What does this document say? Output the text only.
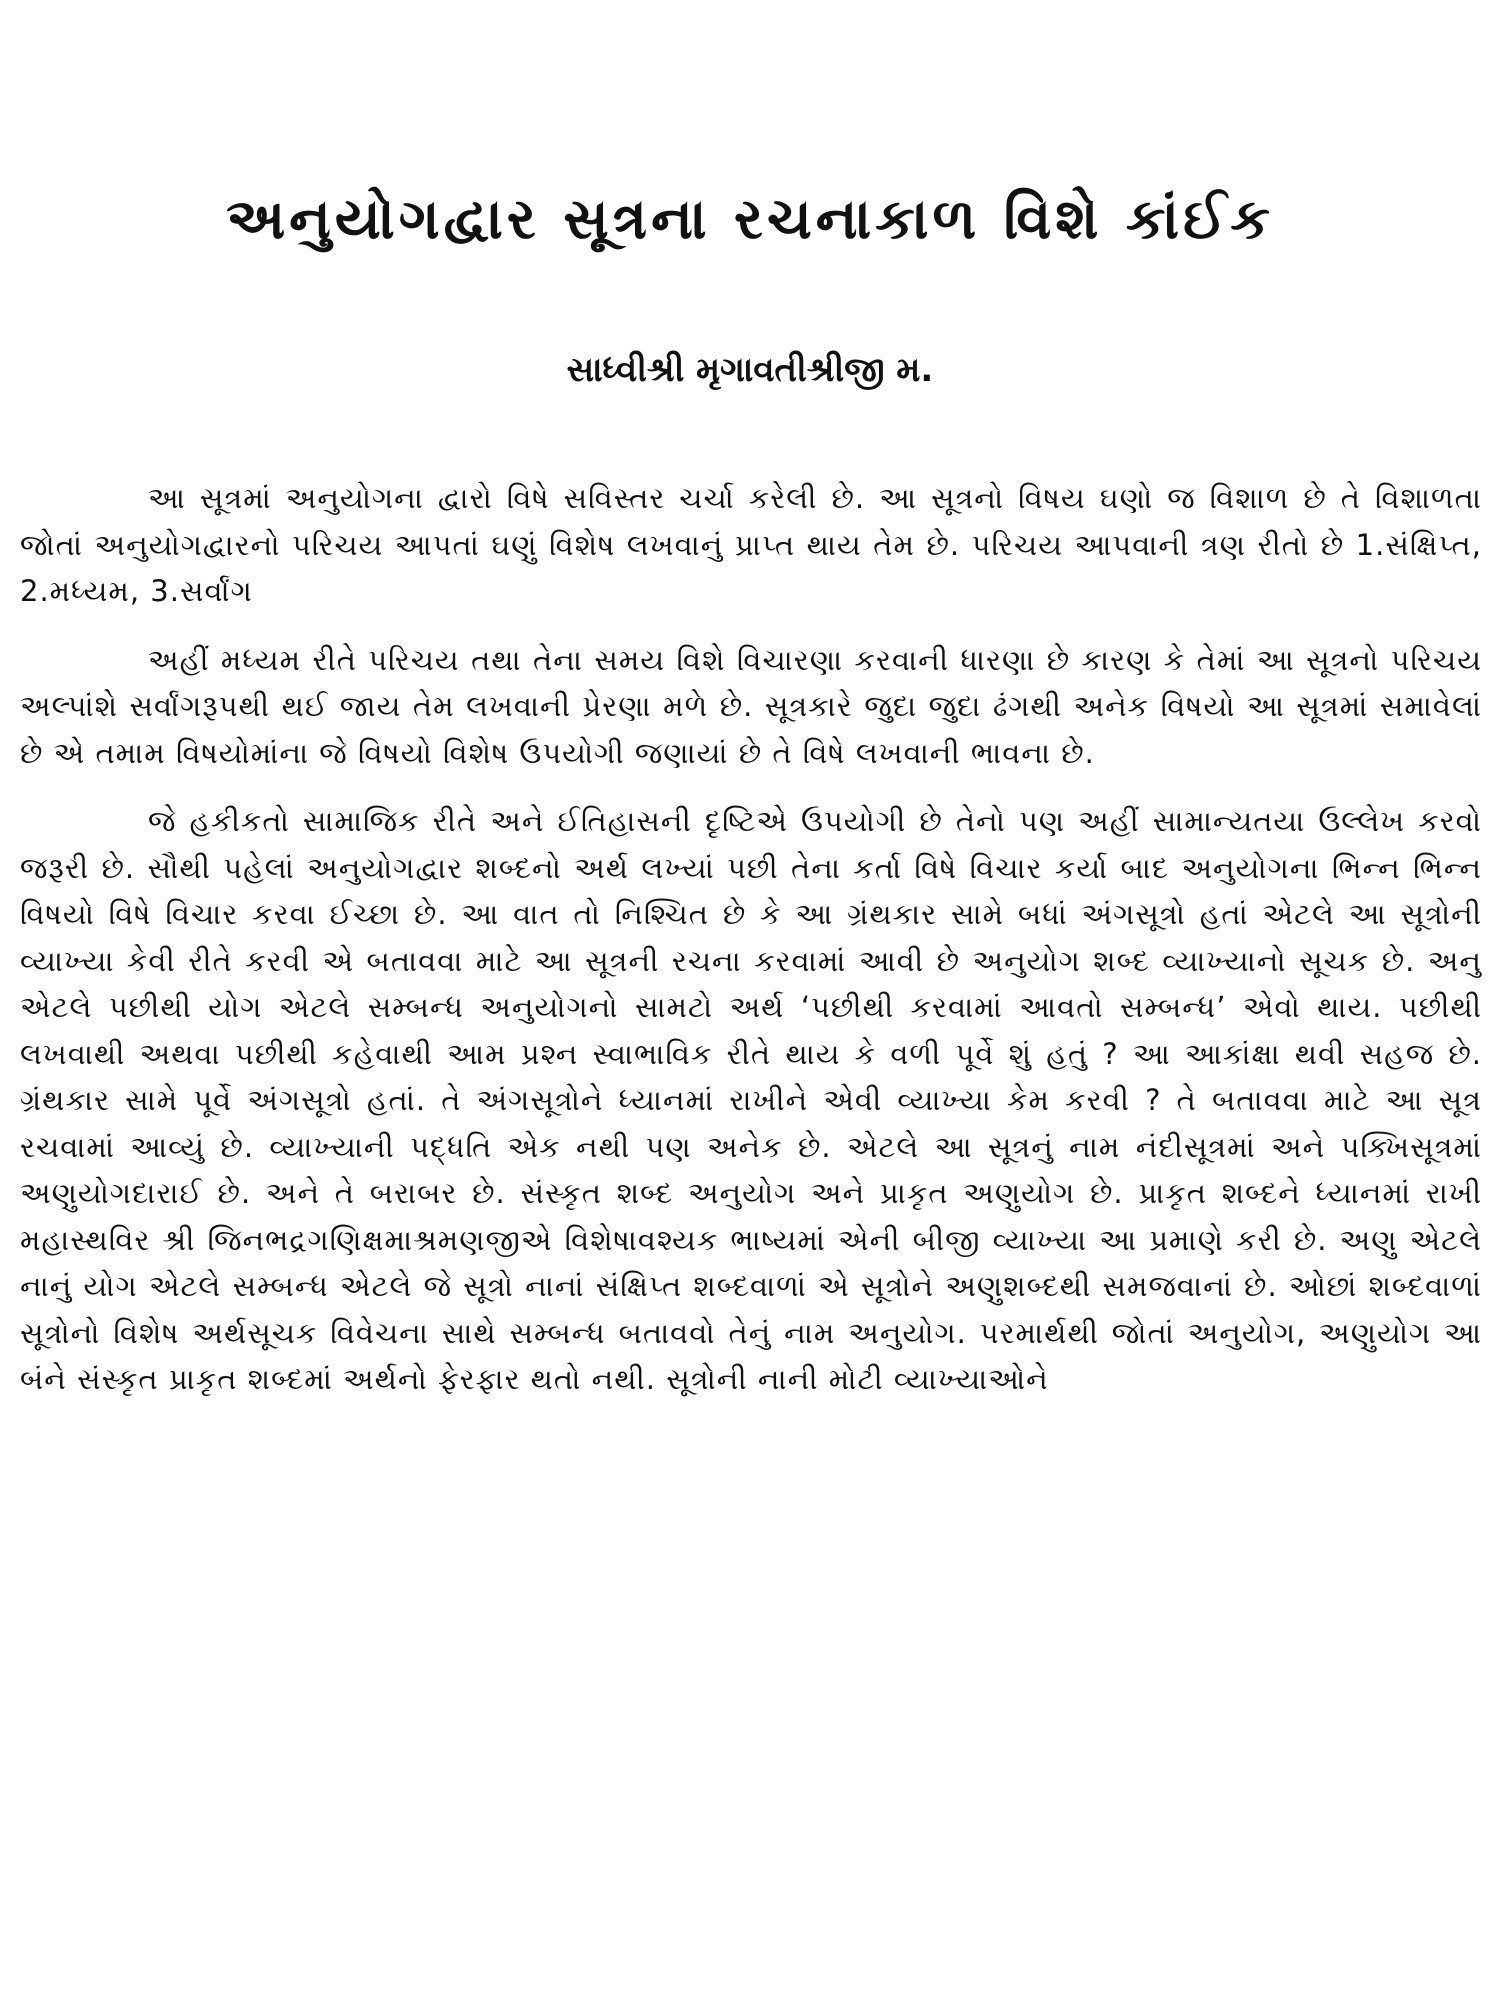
અનુયોગદ્વાર સૂત્રના રચનાકાળ વિશે કાંઈક
સાધ્વીશ્રી મૃગાવતીશ્રીજી મ.

આ સૂત્રમાં અનુયોગના દ્વારો વિષે સવિસ્તર ચર્ચા કરેલી છે. આ સૂત્રનો વિષય ઘણો જ વિશાળ છે તે વિશાળતા જોતાં અનુયોગદ્વારનો પરિચય આપતાં ઘણું વિશેષ લખવાનું પ્રાપ્ત થાય તેમ છે. પરિચય આપવાની ત્રણ રીતો છે 1.સંક્ષિપ્ત, 2.મધ્યમ, 3.સર્વાંગ

અહીં મધ્યમ રીતે પરિચય તથા તેના સમય વિશે વિચારણા કરવાની ધારણા છે કારણ કે તેમાં આ સૂત્રનો પરિચય અલ્પાંશે સર્વાંગરૂપથી થઈ જાય તેમ લખવાની પ્રેરણા મળે છે. સૂત્રકારે જુદા જુદા ઢંગથી અનેક વિષયો આ સૂત્રમાં સમાવેલાં છે એ તમામ વિષયોમાંના જે વિષયો વિશેષ ઉપયોગી જણાયાં છે તે વિષે લખવાની ભાવના છે.

જે હકીકતો સામાજિક રીતે અને ઈતિહાસની દૃષ્ટિએ ઉપયોગી છે તેનો પણ અહીં સામાન્યતયા ઉલ્લેખ કરવો જરૂરી છે. સૌથી પહેલાં અનુયોગદ્વાર શબ્દનો અર્થ લખ્યાં પછી તેના કર્તા વિષે વિચાર કર્યા બાદ અનુયોગના ભિન્ન ભિન્ન વિષયો વિષે વિચાર કરવા ઈચ્છા છે. આ વાત તો નિશ્ચિત છે કે આ ગ્રંથકાર સામે બધાં અંગસૂત્રો હતાં એટલે આ સૂત્રોની વ્યાખ્યા કેવી રીતે કરવી એ બતાવવા માટે આ સૂત્રની રચના કરવામાં આવી છે અનુયોગ શબ્દ વ્યાખ્યાનો સૂચક છે. અનુ એટલે પછીથી યોગ એટલે સમ્બન્ધ અનુયોગનો સામટો અર્થ ‘પછીથી કરવામાં આવતો સમ્બન્ધ’ એવો થાય. પછીથી લખવાથી અથવા પછીથી કહેવાથી આમ પ્રશ્ન સ્વાભાવિક રીતે થાય કે વળી પૂર્વે શું હતું ? આ આકાંક્ષા થવી સહજ છે. ગ્રંથકાર સામે પૂર્વે અંગસૂત્રો હતાં. તે અંગસૂત્રોને ધ્યાનમાં રાખીને એવી વ્યાખ્યા કેમ કરવી ? તે બતાવવા માટે આ સૂત્ર રચવામાં આવ્યું છે. વ્યાખ્યાની પદ્ધતિ એક નથી પણ અનેક છે. એટલે આ સૂત્રનું નામ નંદીસૂત્રમાં અને પક્ખિસૂત્રમાં અણુયોગદારાઈ છે. અને તે બરાબર છે. સંસ્કૃત શબ્દ અનુયોગ અને પ્રાકૃત અણુયોગ છે. પ્રાકૃત શબ્દને ધ્યાનમાં રાખી મહાસ્થવિર શ્રી જિનભદ્રગણિક્ષમાશ્રમણજીએ વિશેષાવશ્યક ભાષ્યમાં એની બીજી વ્યાખ્યા આ પ્રમાણે કરી છે. અણુ એટલે નાનું યોગ એટલે સમ્બન્ધ એટલે જે સૂત્રો નાનાં સંક્ષિપ્ત શબ્દવાળાં એ સૂત્રોને અણુશબ્દથી સમજવાનાં છે. ઓછાં શબ્દવાળાં સૂત્રોનો વિશેષ અર્થસૂચક વિવેચના સાથે સમ્બન્ધ બતાવવો તેનું નામ અનુયોગ. પરમાર્થથી જોતાં અનુયોગ, અણુયોગ આ બંને સંસ્કૃત પ્રાકૃત શબ્દમાં અર્થનો ફેરફાર થતો નથી. સૂત્રોની નાની મોટી વ્યાખ્યાઓને
